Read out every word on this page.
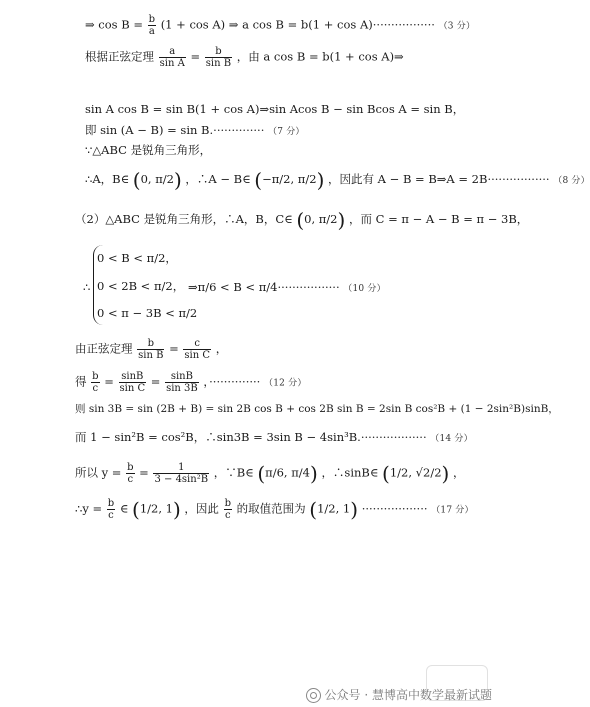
⇒ $\cos B = \frac{b}{a} (1 + \cos A)$ ⇒ a cos B = b(1 + cos A)················· （3 分）
根据正弦定理 $\frac{a}{\text{sin A}} = \frac{b}{\text{sin B}}$ ，由 a cos B = b(1 + cos A)⇒
sin A cos B = sin B(1 + cos A)⇒sin Acos B − sin Bcos A = sin B，
即 sin (A − B) = sin B.·············· （7 分）
∵△ABC 是锐角三角形，
∴A，B∈ (0, π/2) ，∴A − B∈ (−π/2, π/2) ，因此有 A − B = B⇒A = 2B················· （8 分）
（2）△ABC 是锐角三角形，∴A，B，C∈ (0, π/2) ，而 C = π − A − B = π − 3B，
∴
0 < B < π/2，
0 < 2B < π/2，
0 < π − 3B < π/2
⇒π/6 < B < π/4················· （10 分）
由正弦定理 $\frac{b}{\text{sin B}} = \frac{c}{\text{sin C}}$ ，
得 $\frac{b}{c} = \frac{\sin B}{\text{sin C}} = \frac{\sin B}{\sin 3B}$ ，·············· （12 分）
则 sin 3B = sin (2B + B) = sin 2B cos B + cos 2B sin B = 2sin B cos²B + (1 − 2sin²B)sinB，
而 1 − sin²B = cos²B，∴sin3B = 3sin B − 4sin³B.·················· （14 分）
所以 $y = \frac{b}{c} = \frac{1}{\text{3 − 4sin²B}}$ ，∵B∈ (π/6, π/4) ，∴sinB∈ (1/2, √2/2) ，
∴y = $\frac{b}{c}$ ∈ (1/2, 1) ，因此 $\frac{b}{c}$ 的取值范围为 (1/2, 1) ·················· （17 分）
公众号 · 慧博高中数学最新试题
